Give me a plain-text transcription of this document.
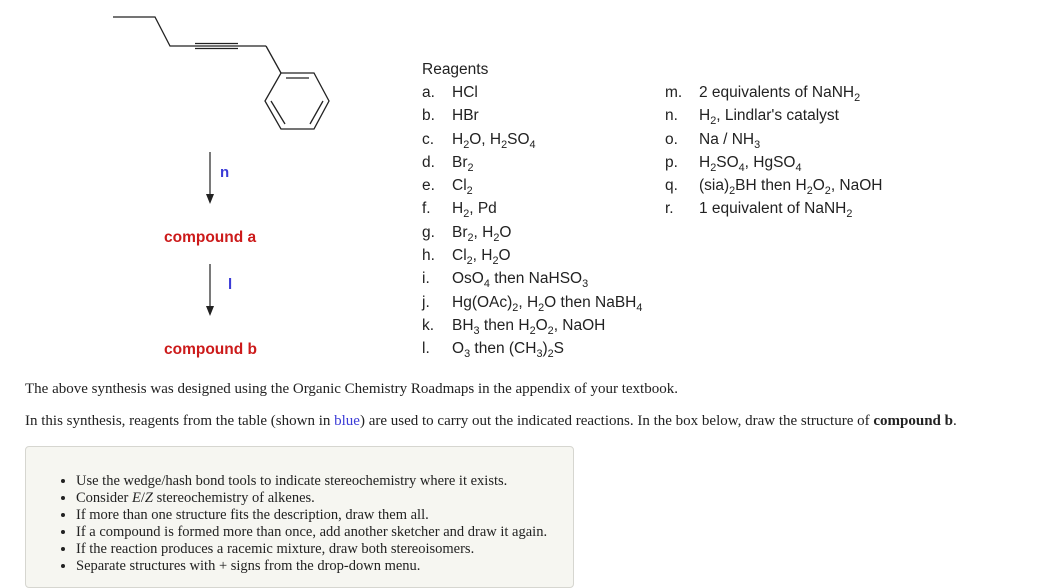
n
compound a
l
compound b
Reagents
a. HCl
b. HBr
c. $H_2O$, $H_2SO_4$
d. $Br_2$
e. $Cl_2$
f. $H_2$, Pd
g. $Br_2$, $H_2O$
h. $Cl_2$, $H_2O$
i. OsO$_4$ then NaHSO$_3$
j. $Hg(OAc)_2$, $H_2O$ then NaBH$_4$
k. $BH_3$ then $H_2O_2$, NaOH
l. $O_3$ then $(CH_3)_2S$
m. 2 equivalents of NaNH$_2$
n. $H_2$, Lindlar's catalyst
o. Na / $NH_3$
p. $H_2SO_4$, HgSO$_4$
q. $(sia)_2BH$ then $H_2O_2$, NaOH
r. 1 equivalent of NaNH$_2$
The above synthesis was designed using the Organic Chemistry Roadmaps in the appendix of your textbook.
In this synthesis, reagents from the table (shown in blue) are used to carry out the indicated reactions. In the box below, draw the structure of compound b.
• Use the wedge/hash bond tools to indicate stereochemistry where it exists.
• Consider E/Z stereochemistry of alkenes.
• If more than one structure fits the description, draw them all.
• If a compound is formed more than once, add another sketcher and draw it again.
• If the reaction produces a racemic mixture, draw both stereoisomers.
• Separate structures with + signs from the drop-down menu.
